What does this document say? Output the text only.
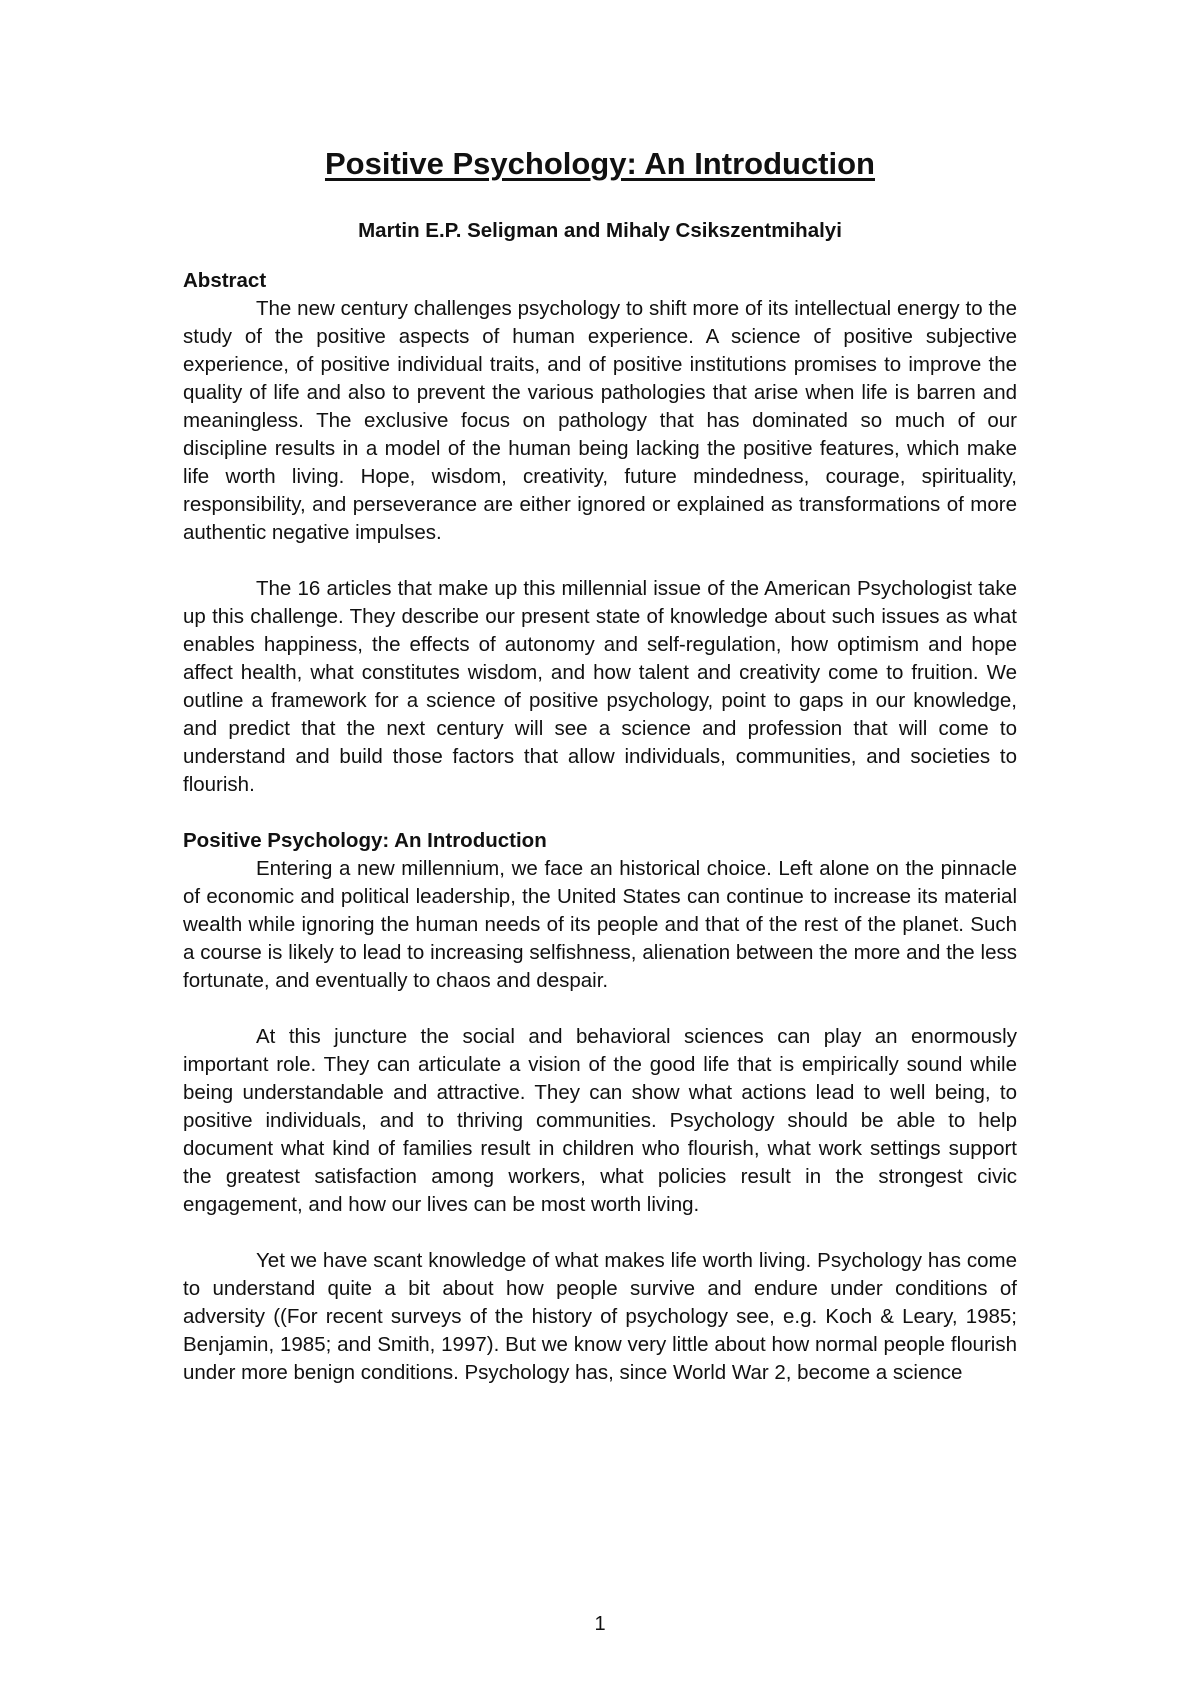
Positive Psychology: An Introduction
Martin E.P. Seligman and Mihaly Csikszentmihalyi
Abstract

The new century challenges psychology to shift more of its intellectual energy to the study of the positive aspects of human experience. A science of positive subjective experience, of positive individual traits, and of positive institutions promises to improve the quality of life and also to prevent the various pathologies that arise when life is barren and meaningless. The exclusive focus on pathology that has dominated so much of our discipline results in a model of the human being lacking the positive features, which make life worth living. Hope, wisdom, creativity, future mindedness, courage, spirituality, responsibility, and perseverance are either ignored or explained as transformations of more authentic negative impulses.

The 16 articles that make up this millennial issue of the American Psychologist take up this challenge. They describe our present state of knowledge about such issues as what enables happiness, the effects of autonomy and self-regulation, how optimism and hope affect health, what constitutes wisdom, and how talent and creativity come to fruition. We outline a framework for a science of positive psychology, point to gaps in our knowledge, and predict that the next century will see a science and profession that will come to understand and build those factors that allow individuals, communities, and societies to flourish.

Positive Psychology: An Introduction

Entering a new millennium, we face an historical choice. Left alone on the pinnacle of economic and political leadership, the United States can continue to increase its material wealth while ignoring the human needs of its people and that of the rest of the planet. Such a course is likely to lead to increasing selfishness, alienation between the more and the less fortunate, and eventually to chaos and despair.

At this juncture the social and behavioral sciences can play an enormously important role. They can articulate a vision of the good life that is empirically sound while being understandable and attractive. They can show what actions lead to well being, to positive individuals, and to thriving communities. Psychology should be able to help document what kind of families result in children who flourish, what work settings support the greatest satisfaction among workers, what policies result in the strongest civic engagement, and how our lives can be most worth living.

Yet we have scant knowledge of what makes life worth living. Psychology has come to understand quite a bit about how people survive and endure under conditions of adversity ((For recent surveys of the history of psychology see, e.g. Koch & Leary, 1985; Benjamin, 1985; and Smith, 1997). But we know very little about how normal people flourish under more benign conditions. Psychology has, since World War 2, become a science

1
